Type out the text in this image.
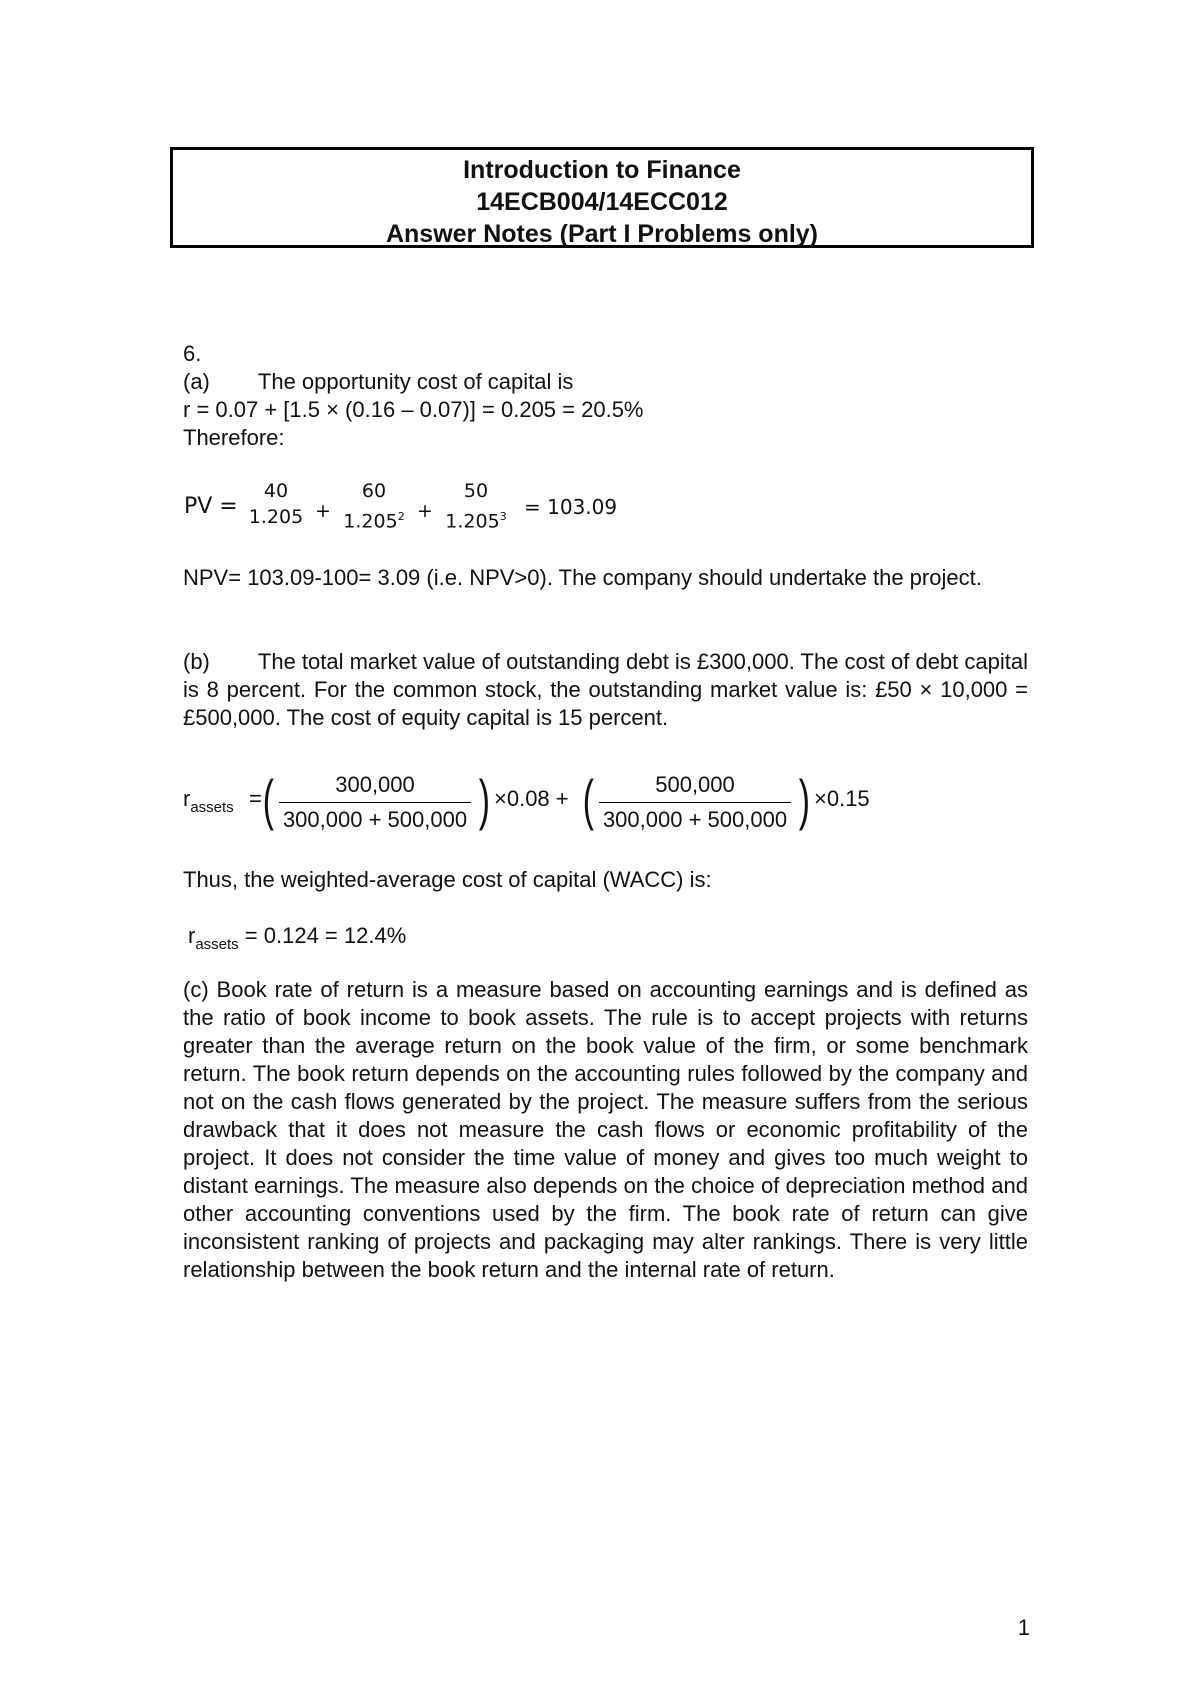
Introduction to Finance
14ECB004/14ECC012
Answer Notes (Part I Problems only)
6.
(a) The opportunity cost of capital is
r = 0.07 + [1.5 × (0.16 – 0.07)] = 0.205 = 20.5%
Therefore:
PV =
40
1.205 +
60
$1.205^2$ +
50
$1.205^3 = 103.09$

NPV= 103.09-100= 3.09 (i.e. NPV>0). The company should undertake the project.

(b) The total market value of outstanding debt is £300,000. The cost of debt capital is 8 percent. For the common stock, the outstanding market value is: £50 × 10,000 = £500,000. The cost of equity capital is 15 percent.

$r_{assets}$ = ( $\frac{300,000}{300,000 + 500,000}$ ) ×0.08 + ( $\frac{500,000}{300,000 + 500,000}$ ) ×0.15
Thus, the weighted-average cost of capital (WACC) is:
$r_{assets} = 0.124 = 12.4\%$

(c) Book rate of return is a measure based on accounting earnings and is defined as the ratio of book income to book assets. The rule is to accept projects with returns greater than the average return on the book value of the firm, or some benchmark return. The book return depends on the accounting rules followed by the company and not on the cash flows generated by the project. The measure suffers from the serious drawback that it does not measure the cash flows or economic profitability of the project. It does not consider the time value of money and gives too much weight to distant earnings. The measure also depends on the choice of depreciation method and other accounting conventions used by the firm. The book rate of return can give inconsistent ranking of projects and packaging may alter rankings. There is very little relationship between the book return and the internal rate of return.

1
